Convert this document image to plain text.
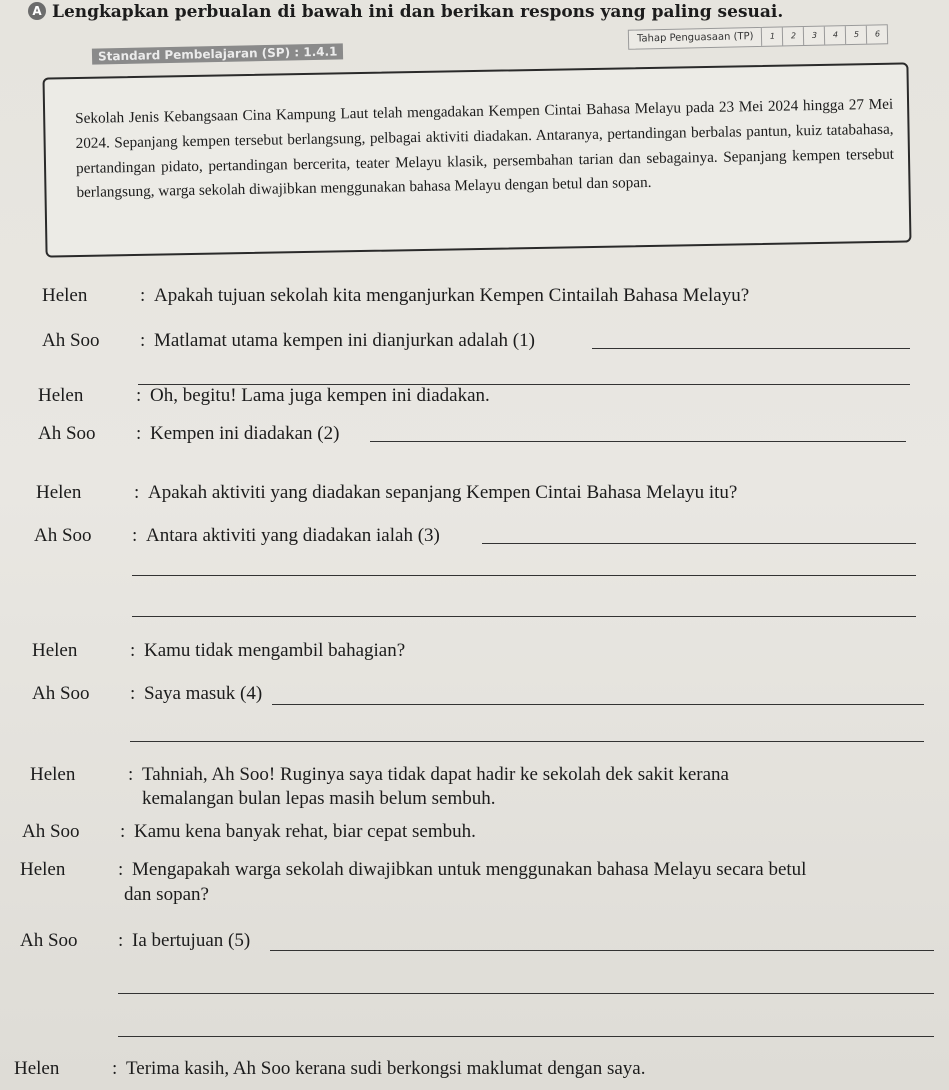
A Lengkapkan perbualan di bawah ini dan berikan respons yang paling sesuai.
Standard Pembelajaran (SP) : 1.4.1
Tahap Penguasaan (TP)	1	2	3	4	5	6
Sekolah Jenis Kebangsaan Cina Kampung Laut telah mengadakan Kempen Cintai Bahasa Melayu pada 23 Mei 2024 hingga 27 Mei 2024. Sepanjang kempen tersebut berlangsung, pelbagai aktiviti diadakan. Antaranya, pertandingan berbalas pantun, kuiz tatabahasa, pertandingan pidato, pertandingan bercerita, teater Melayu klasik, persembahan tarian dan sebagainya. Sepanjang kempen tersebut berlangsung, warga sekolah diwajibkan menggunakan bahasa Melayu dengan betul dan sopan.
Helen	: Apakah tujuan sekolah kita menganjurkan Kempen Cintailah Bahasa Melayu?
Ah Soo : Matlamat utama kempen ini dianjurkan adalah (1)
Helen	: Oh, begitu! Lama juga kempen ini diadakan.
Ah Soo : Kempen ini diadakan (2)
Helen	: Apakah aktiviti yang diadakan sepanjang Kempen Cintai Bahasa Melayu itu?
Ah Soo : Antara aktiviti yang diadakan ialah (3)
Helen	: Kamu tidak mengambil bahagian?
Ah Soo : Saya masuk (4)
Helen	: Tahniah, Ah Soo! Ruginya saya tidak dapat hadir ke sekolah dek sakit kerana
kemalangan bulan lepas masih belum sembuh.
Ah Soo : Kamu kena banyak rehat, biar cepat sembuh.
Helen	: Mengapakah warga sekolah diwajibkan untuk menggunakan bahasa Melayu secara betul
dan sopan?
Ah Soo : Ia bertujuan (5)
Helen	: Terima kasih, Ah Soo kerana sudi berkongsi maklumat dengan saya.
